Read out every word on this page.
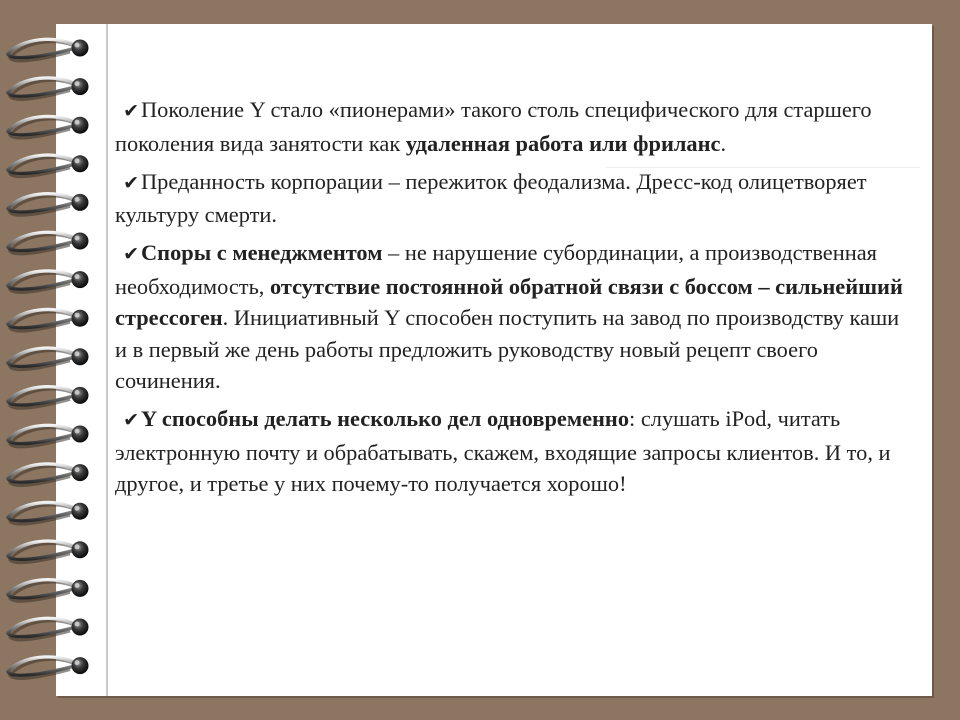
✔Поколение Y стало «пионерами» такого столь специфического для старшего поколения вида занятости как удаленная работа или фриланс.

✔Преданность корпорации – пережиток феодализма. Дресс-код олицетворяет культуру смерти.

✔Споры с менеджментом – не нарушение субординации, а производственная необходимость, отсутствие постоянной обратной связи с боссом – сильнейший стрессоген. Инициативный Y способен поступить на завод по производству каши и в первый же день работы предложить руководству новый рецепт своего сочинения.

✔Y способны делать несколько дел одновременно: слушать iPod, читать электронную почту и обрабатывать, скажем, входящие запросы клиентов. И то, и другое, и третье у них почему-то получается хорошо!
